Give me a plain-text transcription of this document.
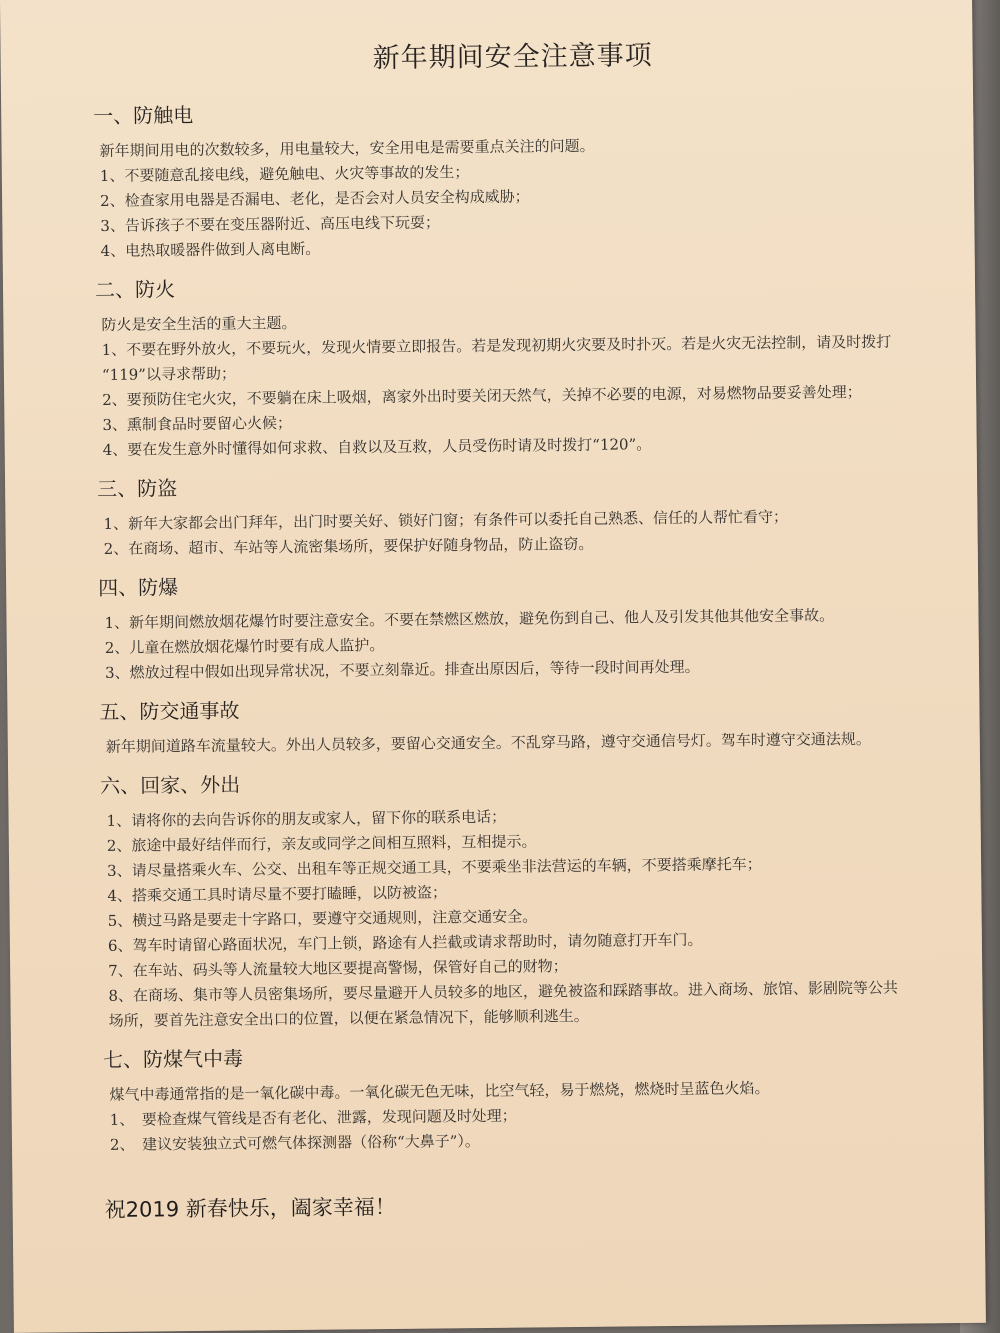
新年期间安全注意事项
一、防触电

新年期间用电的次数较多，用电量较大，安全用电是需要重点关注的问题。

1、不要随意乱接电线，避免触电、火灾等事故的发生；

2、检查家用电器是否漏电、老化，是否会对人员安全构成威胁；

3、告诉孩子不要在变压器附近、高压电线下玩耍；

4、电热取暖器件做到人离电断。

二、防火

防火是安全生活的重大主题。

1、不要在野外放火，不要玩火，发现火情要立即报告。若是发现初期火灾要及时扑灭。若是火灾无法控制，请及时拨打

“119”以寻求帮助；

2、要预防住宅火灾，不要躺在床上吸烟，离家外出时要关闭天然气，关掉不必要的电源，对易燃物品要妥善处理；

3、熏制食品时要留心火候；

4、要在发生意外时懂得如何求救、自救以及互救，人员受伤时请及时拨打“120”。

三、防盗

1、新年大家都会出门拜年，出门时要关好、锁好门窗；有条件可以委托自己熟悉、信任的人帮忙看守；

2、在商场、超市、车站等人流密集场所，要保护好随身物品，防止盗窃。

四、防爆

1、新年期间燃放烟花爆竹时要注意安全。不要在禁燃区燃放，避免伤到自己、他人及引发其他其他安全事故。

2、儿童在燃放烟花爆竹时要有成人监护。

3、燃放过程中假如出现异常状况，不要立刻靠近。排查出原因后，等待一段时间再处理。

五、防交通事故

新年期间道路车流量较大。外出人员较多，要留心交通安全。不乱穿马路，遵守交通信号灯。驾车时遵守交通法规。

六、回家、外出

1、请将你的去向告诉你的朋友或家人，留下你的联系电话；

2、旅途中最好结伴而行，亲友或同学之间相互照料，互相提示。

3、请尽量搭乘火车、公交、出租车等正规交通工具，不要乘坐非法营运的车辆，不要搭乘摩托车；

4、搭乘交通工具时请尽量不要打瞌睡，以防被盗；

5、横过马路是要走十字路口，要遵守交通规则，注意交通安全。

6、驾车时请留心路面状况，车门上锁，路途有人拦截或请求帮助时，请勿随意打开车门。

7、在车站、码头等人流量较大地区要提高警惕，保管好自己的财物；

8、在商场、集市等人员密集场所，要尽量避开人员较多的地区，避免被盗和踩踏事故。进入商场、旅馆、影剧院等公共

场所，要首先注意安全出口的位置，以便在紧急情况下，能够顺利逃生。

七、防煤气中毒

煤气中毒通常指的是一氧化碳中毒。一氧化碳无色无味，比空气轻，易于燃烧，燃烧时呈蓝色火焰。

1、　要检查煤气管线是否有老化、泄露，发现问题及时处理；

2、　建议安装独立式可燃气体探测器（俗称“大鼻子”）。

祝2019 新春快乐，阖家幸福！
